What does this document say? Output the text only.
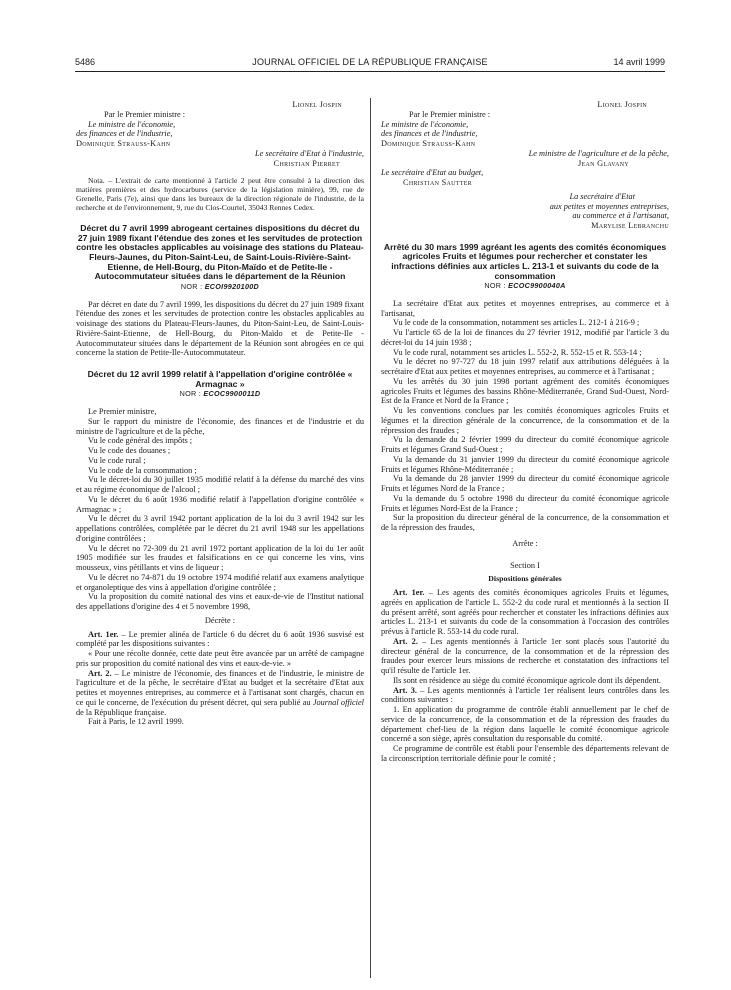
5486	JOURNAL OFFICIEL DE LA RÉPUBLIQUE FRANÇAISE	14 avril 1999

Lionel Jospin

Par le Premier ministre :

Le ministre de l'économie,

des finances et de l'industrie,

Dominique Strauss-Kahn

Le secrétaire d'Etat à l'industrie,

Christian Pierret

Nota. – L'extrait de carte mentionné à l'article 2 peut être consulté à la direction des matières premières et des hydrocarbures (service de la législation minière), 99, rue de Grenelle, Paris (7e), ainsi que dans les bureaux de la direction régionale de l'industrie, de la recherche et de l'environnement, 9, rue du Clos-Courtel, 35043 Rennes Cedex.

Décret du 7 avril 1999 abrogeant certaines dispositions du décret du 27 juin 1989 fixant l'étendue des zones et les servitudes de protection contre les obstacles applicables au voisinage des stations du Plateau-Fleurs-Jaunes, du Piton-Saint-Leu, de Saint-Louis-Rivière-Saint-Etienne, de Hell-Bourg, du Piton-Maïdo et de Petite-Ile - Autocommutateur situées dans le département de la Réunion

NOR : ECOI9920100D

Par décret en date du 7 avril 1999, les dispositions du décret du 27 juin 1989 fixant l'étendue des zones et les servitudes de protection contre les obstacles applicables au voisinage des stations du Plateau-Fleurs-Jaunes, du Piton-Saint-Leu, de Saint-Louis-Rivière-Saint-Etienne, de Hell-Bourg, du Piton-Maïdo et de Petite-Ile - Autocommutateur situées dans le département de la Réunion sont abrogées en ce qui concerne la station de Petite-Ile-Autocommutateur.

Décret du 12 avril 1999 relatif à l'appellation d'origine contrôlée « Armagnac »

NOR : ECOC9900011D

Le Premier ministre,

Sur le rapport du ministre de l'économie, des finances et de l'industrie et du ministre de l'agriculture et de la pêche,

Vu le code général des impôts ;

Vu le code des douanes ;

Vu le code rural ;

Vu le code de la consommation ;

Vu le décret-loi du 30 juillet 1935 modifié relatif à la défense du marché des vins et au régime économique de l'alcool ;

Vu le décret du 6 août 1936 modifié relatif à l'appellation d'origine contrôlée « Armagnac » ;

Vu le décret du 3 avril 1942 portant application de la loi du 3 avril 1942 sur les appellations contrôlées, complétée par le décret du 21 avril 1948 sur les appellations d'origine contrôlées ;

Vu le décret no 72-309 du 21 avril 1972 portant application de la loi du 1er août 1905 modifiée sur les fraudes et falsifications en ce qui concerne les vins, vins mousseux, vins pétillants et vins de liqueur ;

Vu le décret no 74-871 du 19 octobre 1974 modifié relatif aux examens analytique et organoleptique des vins à appellation d'origine contrôlée ;

Vu la proposition du comité national des vins et eaux-de-vie de l'Institut national des appellations d'origine des 4 et 5 novembre 1998,

Décrète :

Art. 1er. – Le premier alinéa de l'article 6 du décret du 6 août 1936 susvisé est complété par les dispositions suivantes :

« Pour une récolte donnée, cette date peut être avancée par un arrêté de campagne pris sur proposition du comité national des vins et eaux-de-vie. »

Art. 2. – Le ministre de l'économie, des finances et de l'industrie, le ministre de l'agriculture et de la pêche, le secrétaire d'Etat au budget et la secrétaire d'Etat aux petites et moyennes entreprises, au commerce et à l'artisanat sont chargés, chacun en ce qui le concerne, de l'exécution du présent décret, qui sera publié au Journal officiel de la République française.

Fait à Paris, le 12 avril 1999.

Lionel Jospin

Par le Premier ministre :

Le ministre de l'économie,

des finances et de l'industrie,

Dominique Strauss-Kahn

Le ministre de l'agriculture et de la pêche,

Jean Glavany

Le secrétaire d'Etat au budget,

Christian Sautter

La secrétaire d'Etat

aux petites et moyennes entreprises,

au commerce et à l'artisanat,

Marylise Lebranchu

Arrêté du 30 mars 1999 agréant les agents des comités économiques agricoles Fruits et légumes pour rechercher et constater les infractions définies aux articles L. 213-1 et suivants du code de la consommation

NOR : ECOC9900040A

La secrétaire d'Etat aux petites et moyennes entreprises, au commerce et à l'artisanat,

Vu le code de la consommation, notamment ses articles L. 212-1 à 216-9 ;

Vu l'article 65 de la loi de finances du 27 février 1912, modifié par l'article 3 du décret-loi du 14 juin 1938 ;

Vu le code rural, notamment ses articles L. 552-2, R. 552-15 et R. 553-14 ;

Vu le décret no 97-727 du 18 juin 1997 relatif aux attributions déléguées à la secrétaire d'Etat aux petites et moyennes entreprises, au commerce et à l'artisanat ;

Vu les arrêtés du 30 juin 1998 portant agrément des comités économiques agricoles Fruits et légumes des bassins Rhône-Méditerranée, Grand Sud-Ouest, Nord-Est de la France et Nord de la France ;

Vu les conventions conclues par les comités économiques agricoles Fruits et légumes et la direction générale de la concurrence, de la consommation et de la répression des fraudes ;

Vu la demande du 2 février 1999 du directeur du comité économique agricole Fruits et légumes Grand Sud-Ouest ;

Vu la demande du 31 janvier 1999 du directeur du comité économique agricole Fruits et légumes Rhône-Méditerranée ;

Vu la demande du 28 janvier 1999 du directeur du comité économique agricole Fruits et légumes Nord de la France ;

Vu la demande du 5 octobre 1998 du directeur du comité économique agricole Fruits et légumes Nord-Est de la France ;

Sur la proposition du directeur général de la concurrence, de la consommation et de la répression des fraudes,

Arrête :

Section I

Dispositions générales

Art. 1er. – Les agents des comités économiques agricoles Fruits et légumes, agréés en application de l'article L. 552-2 du code rural et mentionnés à la section II du présent arrêté, sont agréés pour rechercher et constater les infractions définies aux articles L. 213-1 et suivants du code de la consommation à l'occasion des contrôles prévus à l'article R. 553-14 du code rural.

Art. 2. – Les agents mentionnés à l'article 1er sont placés sous l'autorité du directeur général de la concurrence, de la consommation et de la répression des fraudes pour exercer leurs missions de recherche et constatation des infractions tel qu'il résulte de l'article 1er.

Ils sont en résidence au siège du comité économique agricole dont ils dépendent.

Art. 3. – Les agents mentionnés à l'article 1er réalisent leurs contrôles dans les conditions suivantes :

1. En application du programme de contrôle établi annuellement par le chef de service de la concurrence, de la consommation et de la répression des fraudes du département chef-lieu de la région dans laquelle le comité économique agricole concerné a son siège, après consultation du responsable du comité.

Ce programme de contrôle est établi pour l'ensemble des départements relevant de la circonscription territoriale définie pour le comité ;
